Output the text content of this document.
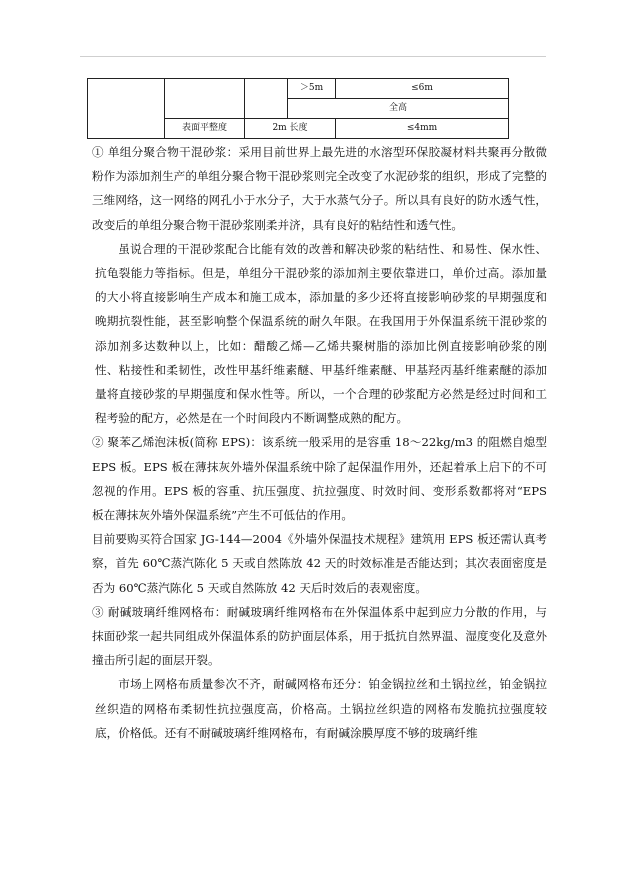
			＞5m	≤6m	
			全高	
	表面平整度	2m 长度		≤4mm	

① 单组分聚合物干混砂浆：采用目前世界上最先进的水溶型环保胶凝材料共聚再分散微粉作为添加剂生产的单组分聚合物干混砂浆则完全改变了水泥砂浆的组织，形成了完整的三维网络，这一网络的网孔小于水分子，大于水蒸气分子。所以具有良好的防水透气性，改变后的单组分聚合物干混砂浆刚柔并济，具有良好的粘结性和透气性。

虽说合理的干混砂浆配合比能有效的改善和解决砂浆的粘结性、和易性、保水性、抗龟裂能力等指标。但是，单组分干混砂浆的添加剂主要依靠进口，单价过高。添加量的大小将直接影响生产成本和施工成本，添加量的多少还将直接影响砂浆的早期强度和晚期抗裂性能，甚至影响整个保温系统的耐久年限。在我国用于外保温系统干混砂浆的添加剂多达数种以上，比如：醋酸乙烯—乙烯共聚树脂的添加比例直接影响砂浆的刚性、粘接性和柔韧性，改性甲基纤维素醚、甲基纤维素醚、甲基羟丙基纤维素醚的添加量将直接砂浆的早期强度和保水性等。所以，一个合理的砂浆配方必然是经过时间和工程考验的配方，必然是在一个时间段内不断调整成熟的配方。

② 聚苯乙烯泡沫板(简称 EPS)：该系统一般采用的是容重 18～22kg/m3 的阻燃自熄型 EPS 板。EPS 板在薄抹灰外墙外保温系统中除了起保温作用外，还起着承上启下的不可忽视的作用。EPS 板的容重、抗压强度、抗拉强度、时效时间、变形系数都将对“EPS 板在薄抹灰外墙外保温系统”产生不可低估的作用。

目前要购买符合国家 JG-144—2004《外墙外保温技术规程》建筑用 EPS 板还需认真考察，首先 60℃蒸汽陈化 5 天或自然陈放 42 天的时效标准是否能达到；其次表面密度是否为 60℃蒸汽陈化 5 天或自然陈放 42 天后时效后的表观密度。

③ 耐碱玻璃纤维网格布：耐碱玻璃纤维网格布在外保温体系中起到应力分散的作用，与抹面砂浆一起共同组成外保温体系的防护面层体系，用于抵抗自然界温、湿度变化及意外撞击所引起的面层开裂。

市场上网格布质量参次不齐，耐碱网格布还分：铂金锅拉丝和土锅拉丝，铂金锅拉丝织造的网格布柔韧性抗拉强度高，价格高。土锅拉丝织造的网格布发脆抗拉强度较底，价格低。还有不耐碱玻璃纤维网格布，有耐碱涂膜厚度不够的玻璃纤维
